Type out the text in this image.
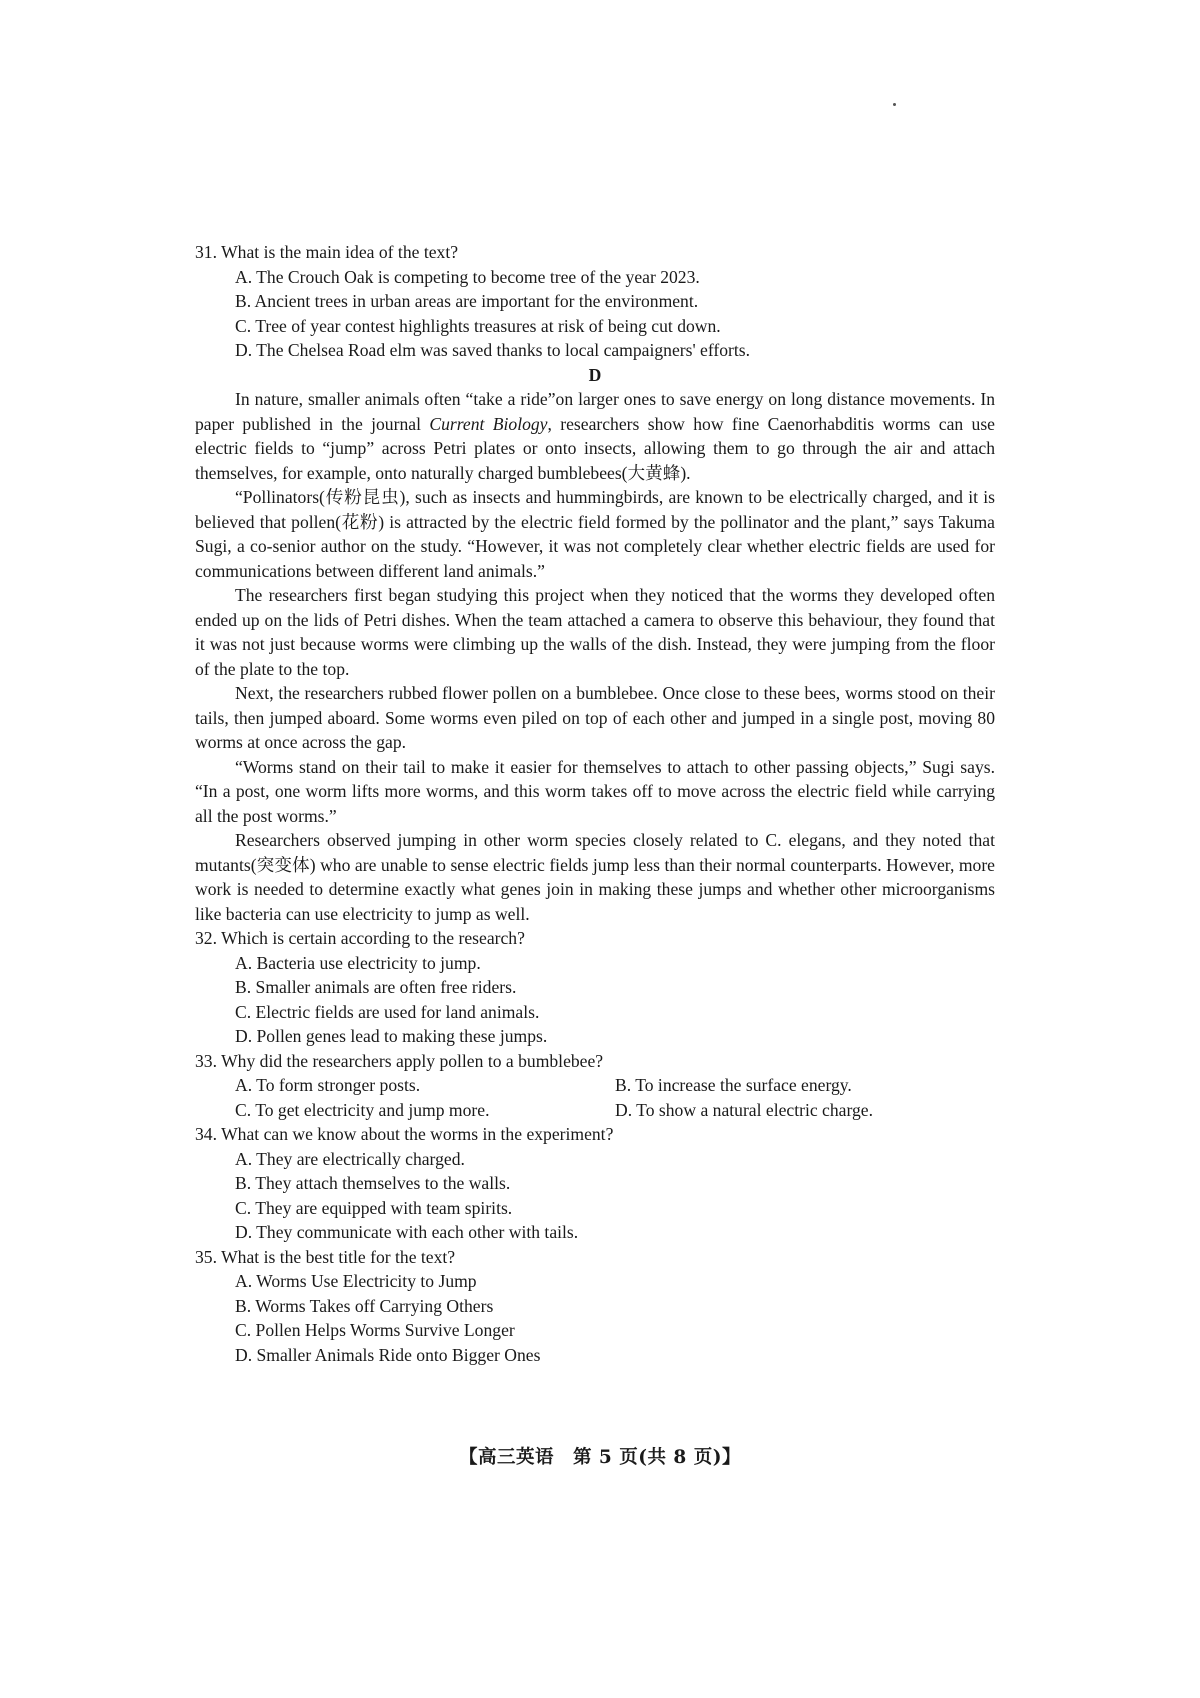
31. What is the main idea of the text?

A. The Crouch Oak is competing to become tree of the year 2023.

B. Ancient trees in urban areas are important for the environment.

C. Tree of year contest highlights treasures at risk of being cut down.

D. The Chelsea Road elm was saved thanks to local campaigners' efforts.

D

In nature, smaller animals often “take a ride”on larger ones to save energy on long distance movements. In paper published in the journal Current Biology, researchers show how fine Caenorhabditis worms can use electric fields to “jump” across Petri plates or onto insects, allowing them to go through the air and attach themselves, for example, onto naturally charged bumblebees(大黄蜂).

“Pollinators(传粉昆虫), such as insects and hummingbirds, are known to be electrically charged, and it is believed that pollen(花粉) is attracted by the electric field formed by the pollinator and the plant,” says Takuma Sugi, a co-senior author on the study. “However, it was not completely clear whether electric fields are used for communications between different land animals.”

The researchers first began studying this project when they noticed that the worms they developed often ended up on the lids of Petri dishes. When the team attached a camera to observe this behaviour, they found that it was not just because worms were climbing up the walls of the dish. Instead, they were jumping from the floor of the plate to the top.

Next, the researchers rubbed flower pollen on a bumblebee. Once close to these bees, worms stood on their tails, then jumped aboard. Some worms even piled on top of each other and jumped in a single post, moving 80 worms at once across the gap.

“Worms stand on their tail to make it easier for themselves to attach to other passing objects,” Sugi says. “In a post, one worm lifts more worms, and this worm takes off to move across the electric field while carrying all the post worms.”

Researchers observed jumping in other worm species closely related to C. elegans, and they noted that mutants(突变体) who are unable to sense electric fields jump less than their normal counterparts. However, more work is needed to determine exactly what genes join in making these jumps and whether other microorganisms like bacteria can use electricity to jump as well.

32. Which is certain according to the research?

A. Bacteria use electricity to jump.

B. Smaller animals are often free riders.

C. Electric fields are used for land animals.

D. Pollen genes lead to making these jumps.

33. Why did the researchers apply pollen to a bumblebee?

A. To form stronger posts.	B. To increase the surface energy.
C. To get electricity and jump more.	D. To show a natural electric charge.

34. What can we know about the worms in the experiment?

A. They are electrically charged.

B. They attach themselves to the walls.

C. They are equipped with team spirits.

D. They communicate with each other with tails.

35. What is the best title for the text?

A. Worms Use Electricity to Jump

B. Worms Takes off Carrying Others

C. Pollen Helps Worms Survive Longer

D. Smaller Animals Ride onto Bigger Ones

【高三英语　第 5 页(共 8 页)】
